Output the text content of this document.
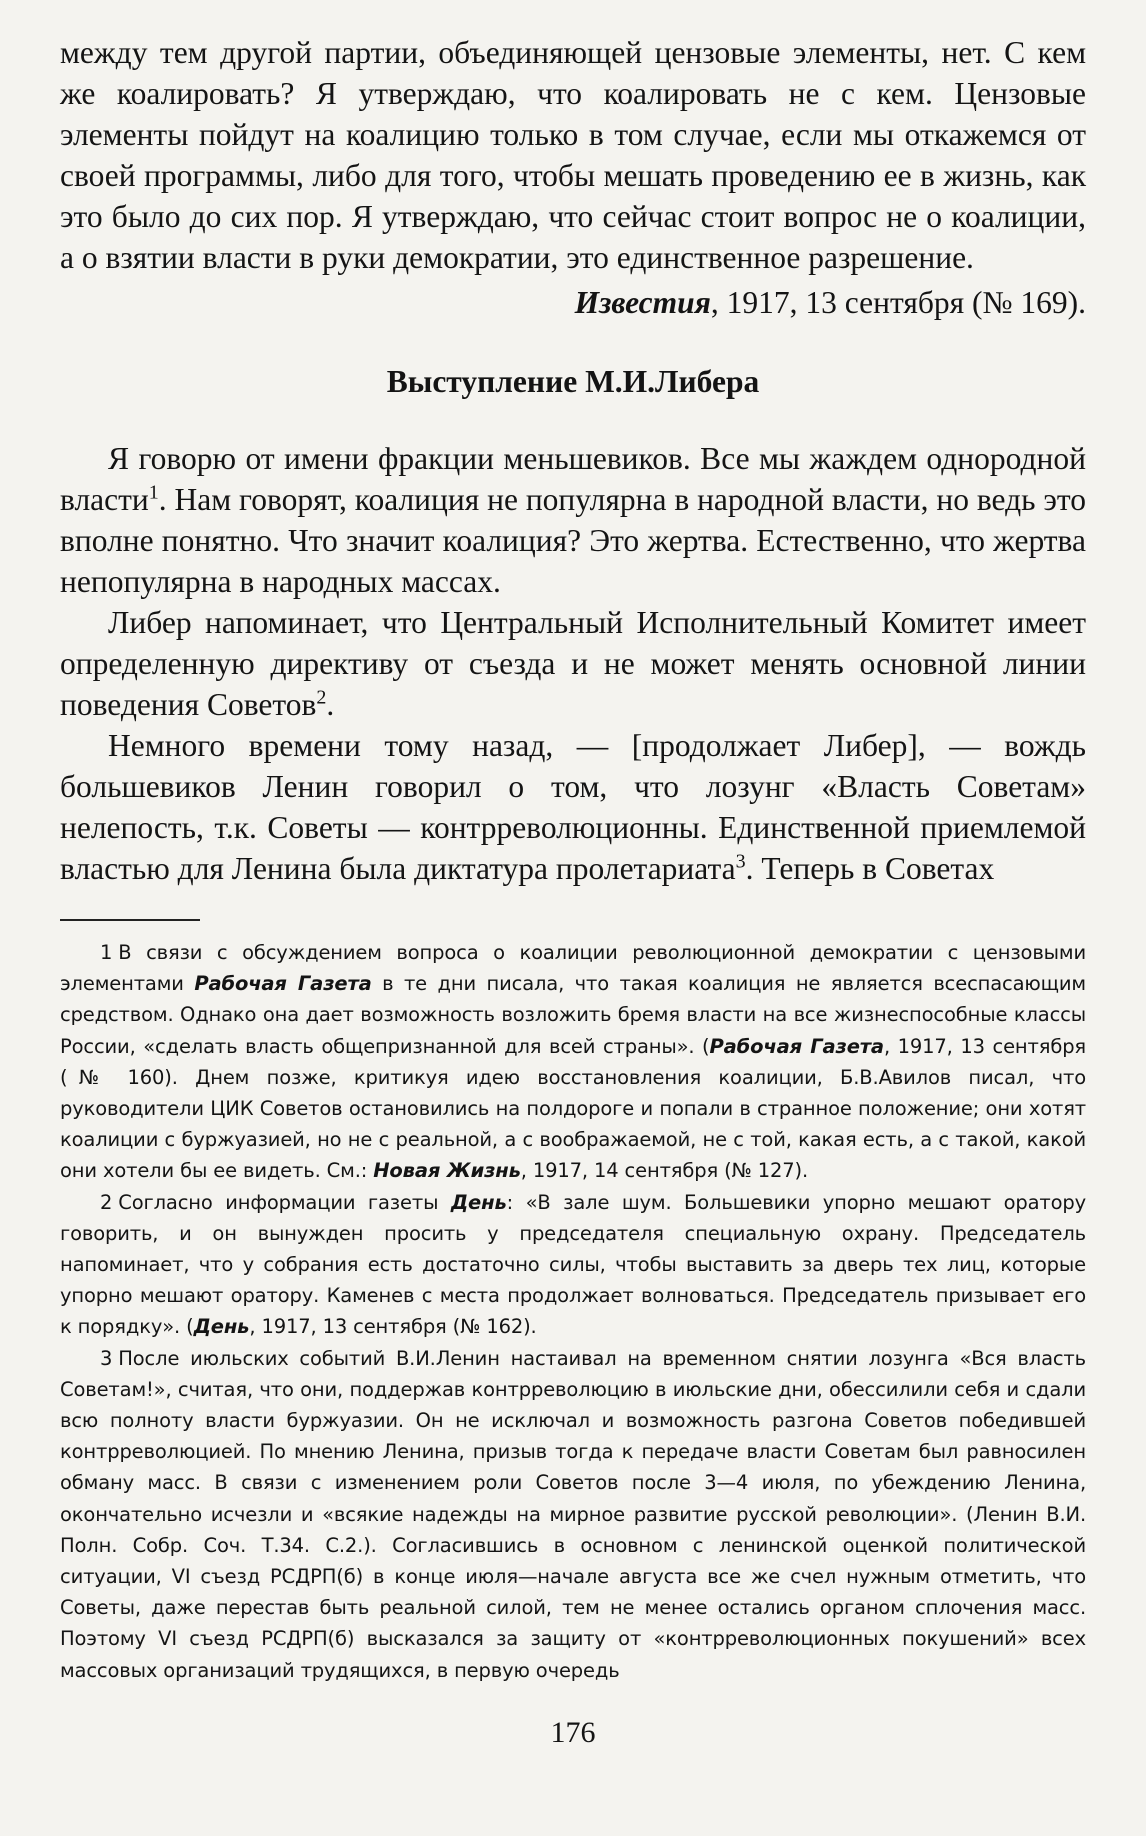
между тем другой партии, объединяющей цензовые элементы, нет. С кем же коалировать? Я утверждаю, что коалировать не с кем. Цензовые элементы пойдут на коалицию только в том случае, если мы откажемся от своей программы, либо для того, чтобы мешать проведению ее в жизнь, как это было до сих пор. Я утверждаю, что сейчас стоит вопрос не о коалиции, а о взятии власти в руки демократии, это единственное разрешение.

Известия, 1917, 13 сентября (№ 169).

Выступление М.И.Либера

Я говорю от имени фракции меньшевиков. Все мы жаждем однородной власти$^1$. Нам говорят, коалиция не популярна в народной власти, но ведь это вполне понятно. Что значит коалиция? Это жертва. Естественно, что жертва непопулярна в народных массах.

Либер напоминает, что Центральный Исполнительный Комитет имеет определенную директиву от съезда и не может менять основной линии поведения Советов$^2$.

Немного времени тому назад, — [продолжает Либер], — вождь большевиков Ленин говорил о том, что лозунг «Власть Советам» нелепость, т.к. Советы — контрреволюционны. Единственной приемлемой властью для Ленина была диктатура пролетариата$^3$. Теперь в Советах

1 В связи с обсуждением вопроса о коалиции революционной демократии с цензовыми элементами Рабочая Газета в те дни писала, что такая коалиция не является всеспасающим средством. Однако она дает возможность возложить бремя власти на все жизнеспособные классы России, «сделать власть общепризнанной для всей страны». (Рабочая Газета, 1917, 13 сентября (№ 160). Днем позже, критикуя идею восстановления коалиции, Б.В.Авилов писал, что руководители ЦИК Советов остановились на полдороге и попали в странное положение; они хотят коалиции с буржуазией, но не с реальной, а с воображаемой, не с той, какая есть, а с такой, какой они хотели бы ее видеть. См.: Новая Жизнь, 1917, 14 сентября (№ 127).

2 Согласно информации газеты День: «В зале шум. Большевики упорно мешают оратору говорить, и он вынужден просить у председателя специальную охрану. Председатель напоминает, что у собрания есть достаточно силы, чтобы выставить за дверь тех лиц, которые упорно мешают оратору. Каменев с места продолжает волноваться. Председатель призывает его к порядку». (День, 1917, 13 сентября (№ 162).

3 После июльских событий В.И.Ленин настаивал на временном снятии лозунга «Вся власть Советам!», считая, что они, поддержав контрреволюцию в июльские дни, обессилили себя и сдали всю полноту власти буржуазии. Он не исключал и возможность разгона Советов победившей контрреволюцией. По мнению Ленина, призыв тогда к передаче власти Советам был равносилен обману масс. В связи с изменением роли Советов после 3—4 июля, по убеждению Ленина, окончательно исчезли и «всякие надежды на мирное развитие русской революции». (Ленин В.И. Полн. Собр. Соч. Т.34. С.2.). Согласившись в основном с ленинской оценкой политической ситуации, VI съезд РСДРП(б) в конце июля—начале августа все же счел нужным отметить, что Советы, даже перестав быть реальной силой, тем не менее остались органом сплочения масс. Поэтому VI съезд РСДРП(б) высказался за защиту от «контрреволюционных покушений» всех массовых организаций трудящихся, в первую очередь

176
